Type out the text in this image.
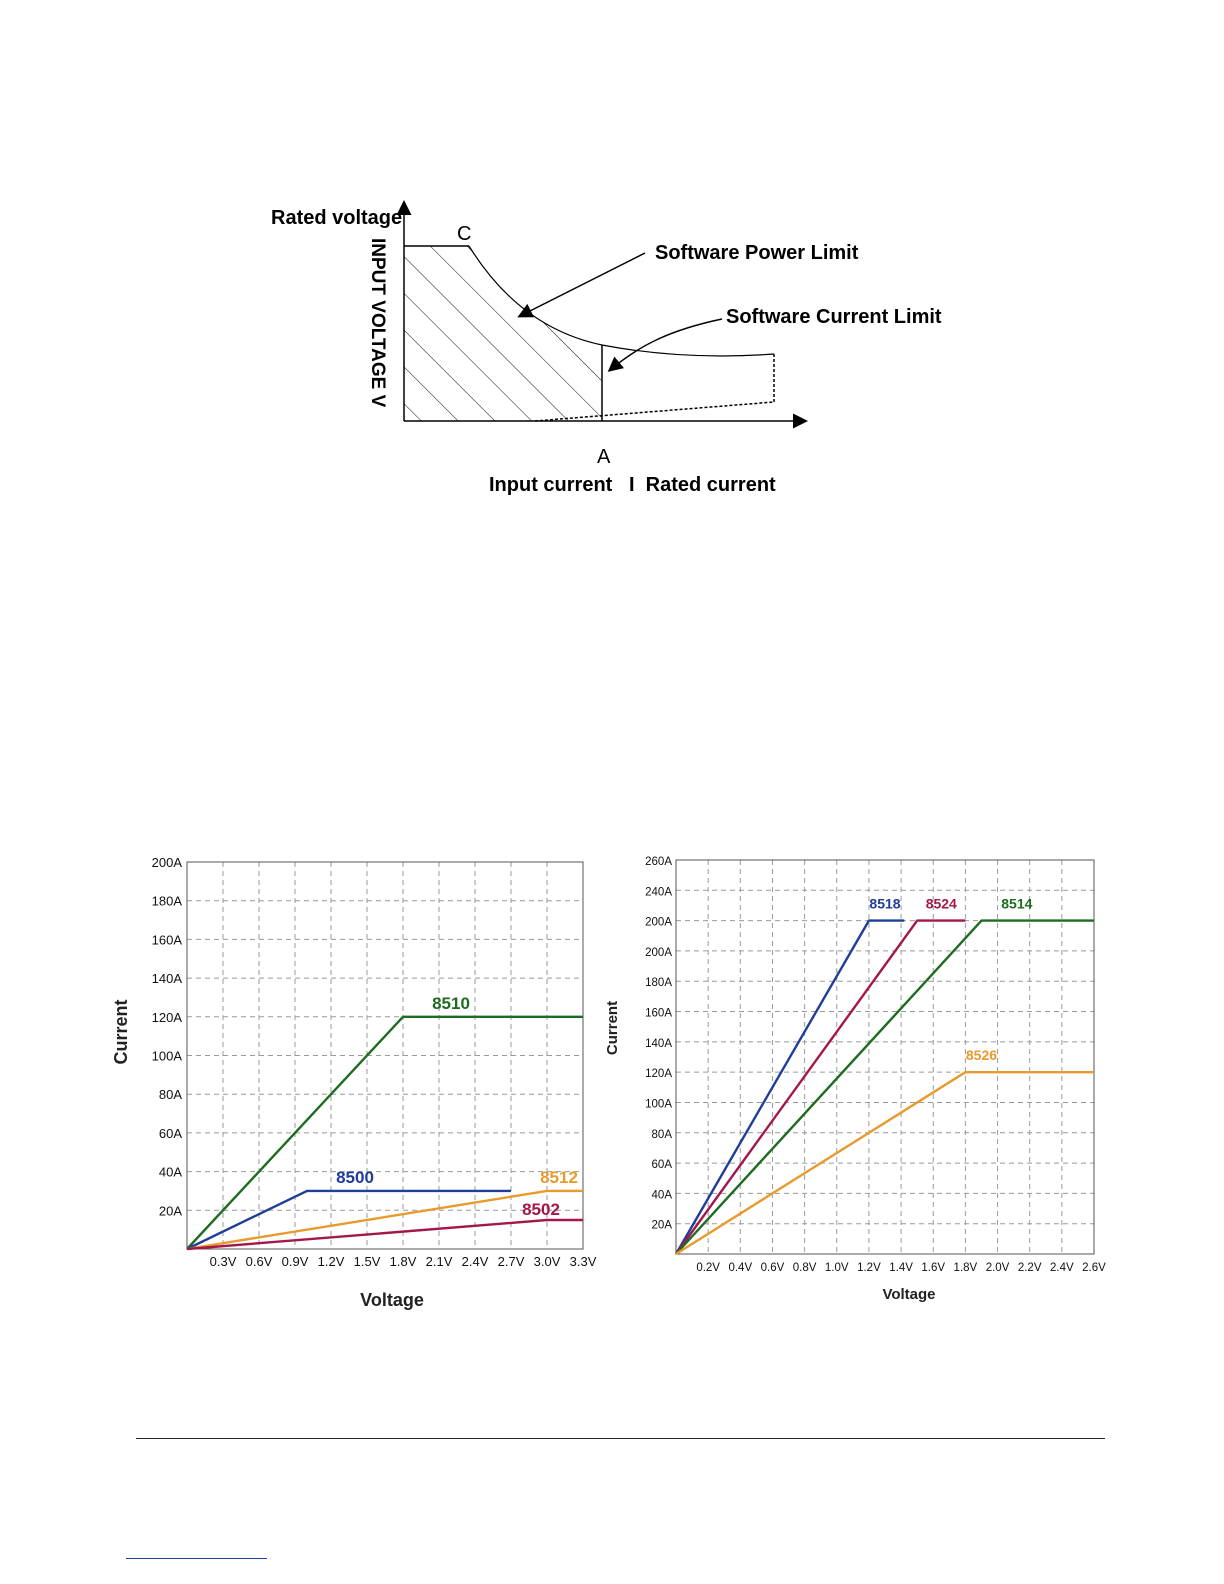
Rated voltage
INPUT VOLTAGE V
C
A
Software Power Limit
Software Current Limit
Input current   I  Rated current
0.3V 0.6V 0.9V 1.2V 1.5V 1.8V 2.1V 2.4V 2.7V 3.0V 3.3V
20A
40A
60A
80A
100A
120A
140A
160A
180A
200A
Voltage
Current	8510
8500	8512
8502
0.2V 0.4V 0.6V 0.8V 1.0V 1.2V 1.4V 1.6V 1.8V 2.0V 2.2V 2.4V 2.6V
20A
40A
60A
80A
100A
120A
140A
160A
180A
200A
200A
240A
260A
Voltage
Current
8518 8524	8514
8526
